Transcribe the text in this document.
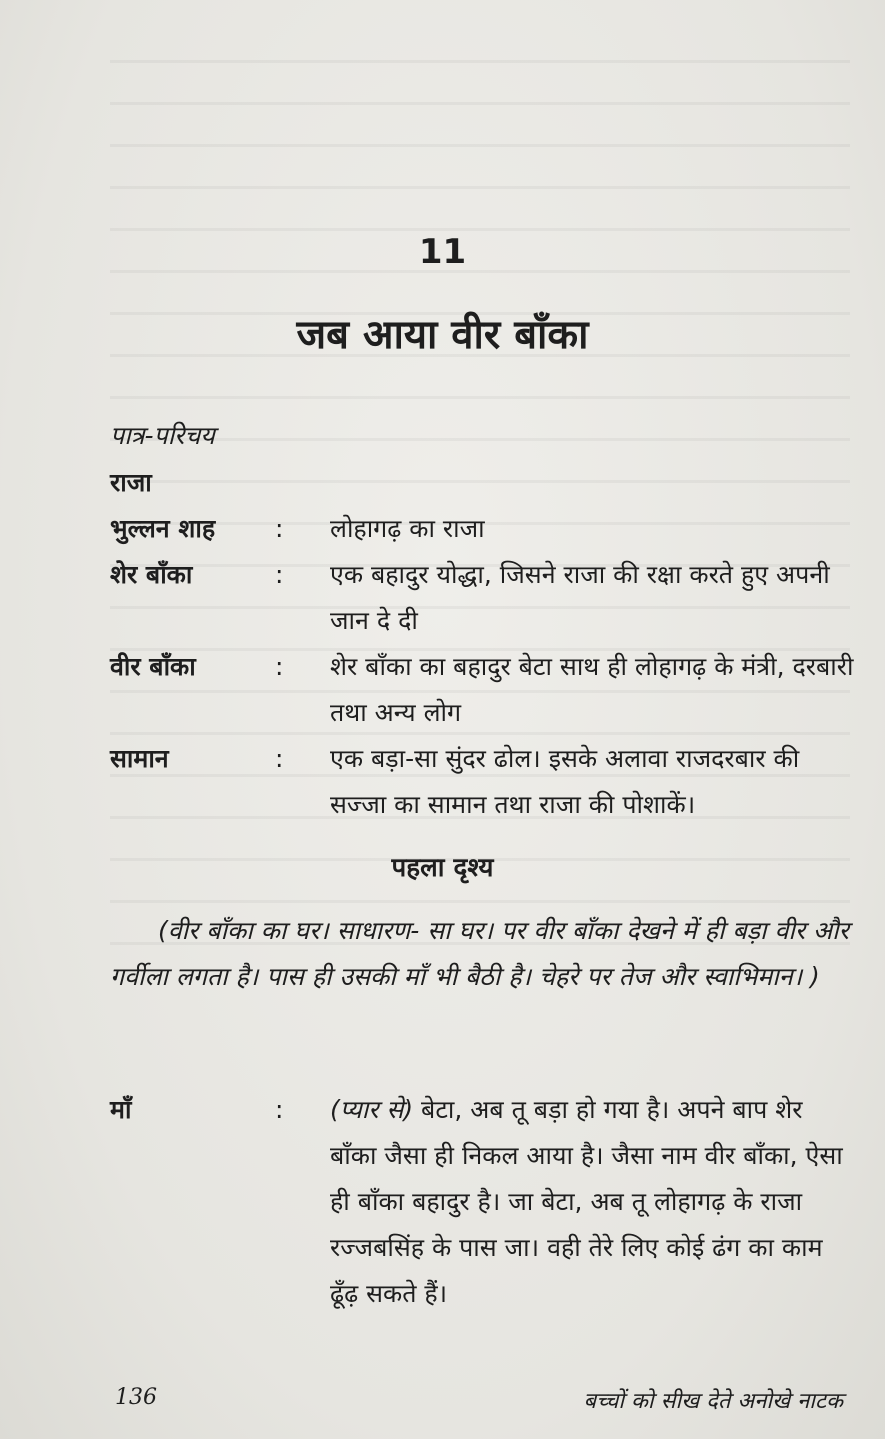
11
जब आया वीर बाँका
पात्र-परिचय
राजा
भुल्लन शाह	:	लोहागढ़ का राजा
शेर बाँका	:	एक बहादुर योद्धा, जिसने राजा की रक्षा करते हुए अपनी जान दे दी
वीर बाँका	:	शेर बाँका का बहादुर बेटा साथ ही लोहागढ़ के मंत्री, दरबारी तथा अन्य लोग
सामान	:	एक बड़ा-सा सुंदर ढोल। इसके अलावा राजदरबार की सज्जा का सामान तथा राजा की पोशाकें।
पहला दृश्य
(वीर बाँका का घर। साधारण- सा घर। पर वीर बाँका देखने में ही बड़ा वीर और गर्वीला लगता है। पास ही उसकी माँ भी बैठी है। चेहरे पर तेज और स्वाभिमान। )
माँ	:	(प्यार से) बेटा, अब तू बड़ा हो गया है। अपने बाप शेर बाँका जैसा ही निकल आया है। जैसा नाम वीर बाँका, ऐसा ही बाँका बहादुर है। जा बेटा, अब तू लोहागढ़ के राजा रज्जबसिंह के पास जा। वही तेरे लिए कोई ढंग का काम ढूँढ़ सकते हैं।
136	बच्चों को सीख देते अनोखे नाटक
